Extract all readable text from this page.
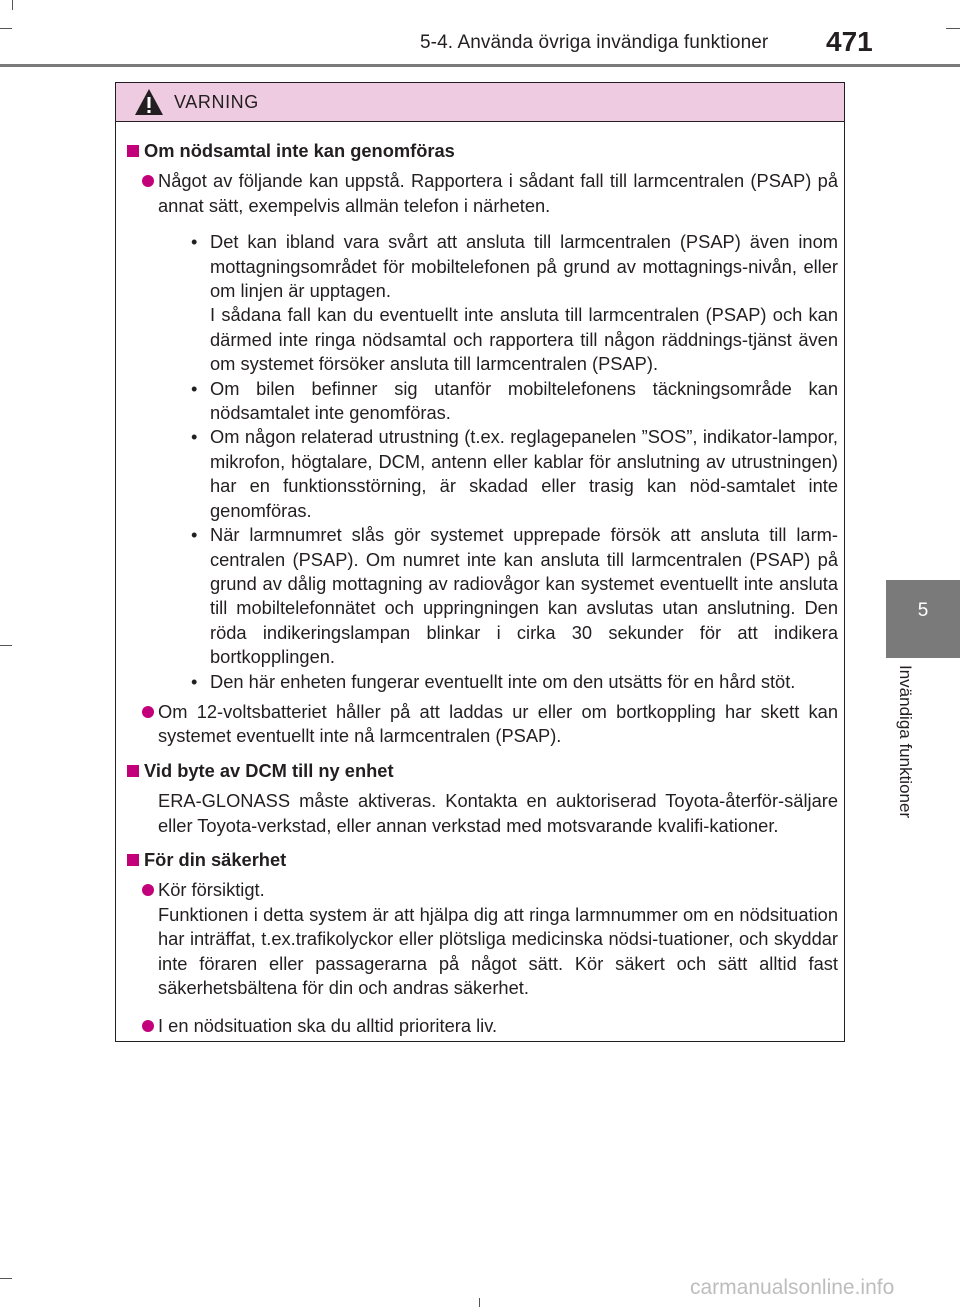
5-4. Använda övriga invändiga funktioner 471
5
Invändiga funktioner
VARNING
Om nödsamtal inte kan genomföras

Något av följande kan uppstå. Rapportera i sådant fall till larmcentralen (PSAP) på annat sätt, exempelvis allmän telefon i närheten.

• Det kan ibland vara svårt att ansluta till larmcentralen (PSAP) även inom mottagningsområdet för mobiltelefonen på grund av mottagnings-nivån, eller om linjen är upptagen.

I sådana fall kan du eventuellt inte ansluta till larmcentralen (PSAP) och kan därmed inte ringa nödsamtal och rapportera till någon räddnings-tjänst även om systemet försöker ansluta till larmcentralen (PSAP).

• Om bilen befinner sig utanför mobiltelefonens täckningsområde kan nödsamtalet inte genomföras.

• Om någon relaterad utrustning (t.ex. reglagepanelen ”SOS”, indikator-lampor, mikrofon, högtalare, DCM, antenn eller kablar för anslutning av utrustningen) har en funktionsstörning, är skadad eller trasig kan nöd-samtalet inte genomföras.

• När larmnumret slås gör systemet upprepade försök att ansluta till larm-centralen (PSAP). Om numret inte kan ansluta till larmcentralen (PSAP) på grund av dålig mottagning av radiovågor kan systemet eventuellt inte ansluta till mobiltelefonnätet och uppringningen kan avslutas utan anslutning. Den röda indikeringslampan blinkar i cirka 30 sekunder för att indikera bortkopplingen.

• Den här enheten fungerar eventuellt inte om den utsätts för en hård stöt.

Om 12-voltsbatteriet håller på att laddas ur eller om bortkoppling har skett kan systemet eventuellt inte nå larmcentralen (PSAP).

Vid byte av DCM till ny enhet
ERA-GLONASS måste aktiveras. Kontakta en auktoriserad Toyota-återför-säljare eller Toyota-verkstad, eller annan verkstad med motsvarande kvalifi-kationer.
För din säkerhet

Kör försiktigt.

Funktionen i detta system är att hjälpa dig att ringa larmnummer om en nödsituation har inträffat, t.ex.trafikolyckor eller plötsliga medicinska nödsi-tuationer, och skyddar inte föraren eller passagerarna på något sätt. Kör säkert och sätt alltid fast säkerhetsbältena för din och andras säkerhet.

I en nödsituation ska du alltid prioritera liv.

carmanualsonline.info
